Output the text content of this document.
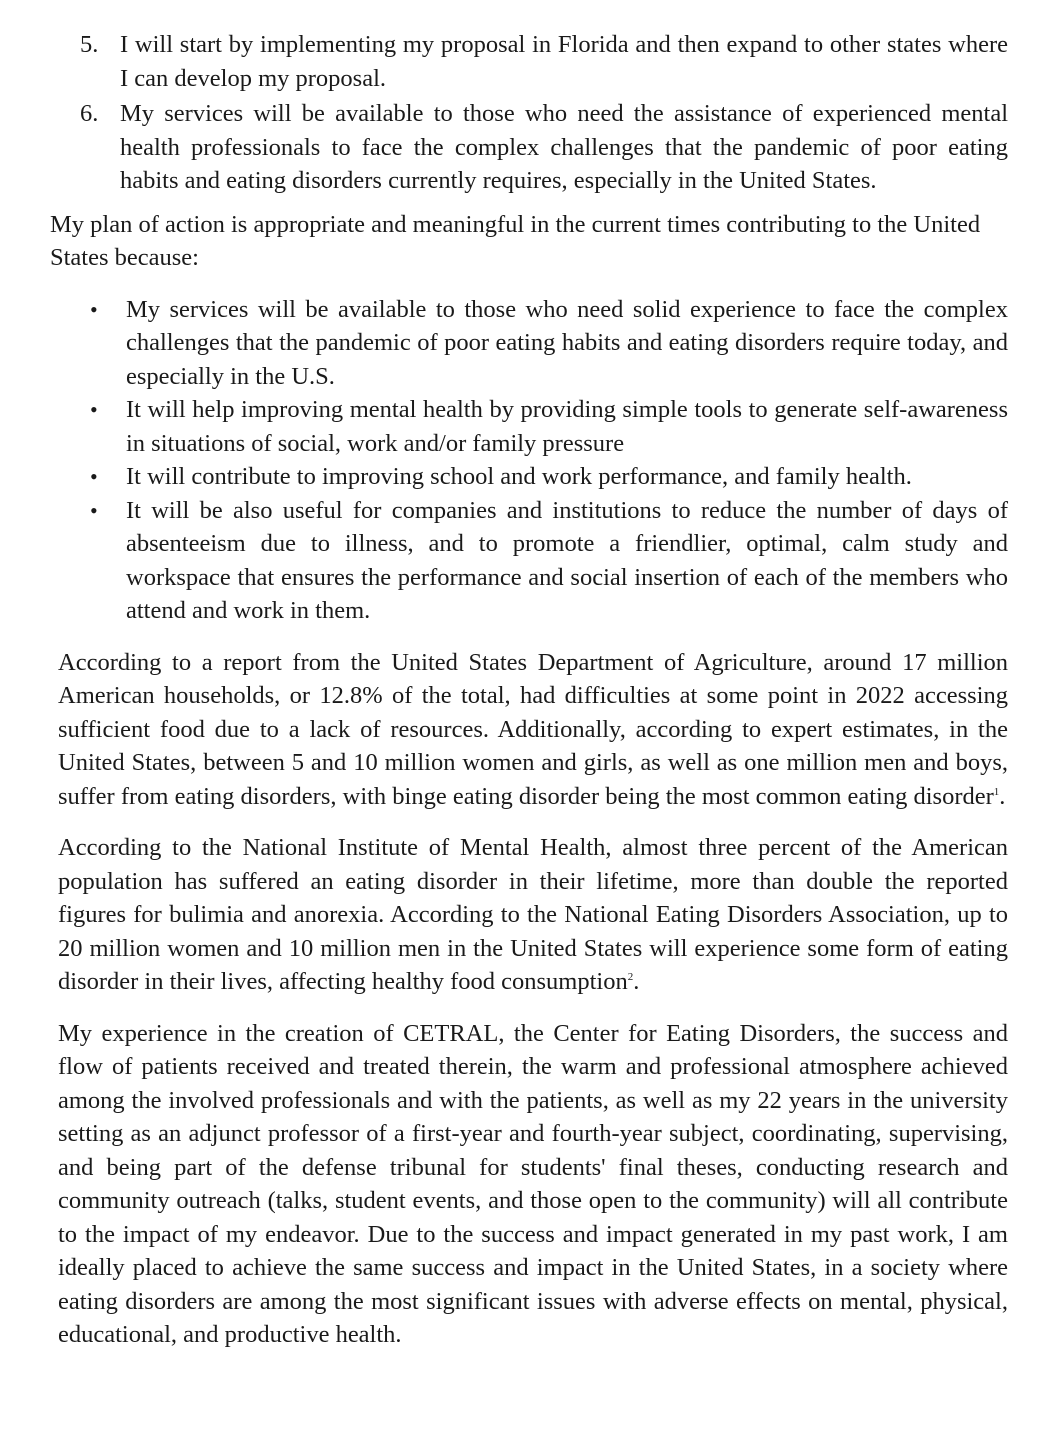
5. I will start by implementing my proposal in Florida and then expand to other states where I can develop my proposal.
6. My services will be available to those who need the assistance of experienced mental health professionals to face the complex challenges that the pandemic of poor eating habits and eating disorders currently requires, especially in the United States.

My plan of action is appropriate and meaningful in the current times contributing to the United States because:

• My services will be available to those who need solid experience to face the complex challenges that the pandemic of poor eating habits and eating disorders require today, and especially in the U.S.
• It will help improving mental health by providing simple tools to generate self-awareness in situations of social, work and/or family pressure
• It will contribute to improving school and work performance, and family health.
• It will be also useful for companies and institutions to reduce the number of days of absenteeism due to illness, and to promote a friendlier, optimal, calm study and workspace that ensures the performance and social insertion of each of the members who attend and work in them.

According to a report from the United States Department of Agriculture, around 17 million American households, or 12.8% of the total, had difficulties at some point in 2022 accessing sufficient food due to a lack of resources. Additionally, according to expert estimates, in the United States, between 5 and 10 million women and girls, as well as one million men and boys, suffer from eating disorders, with binge eating disorder being the most common eating disorder$^1$.

According to the National Institute of Mental Health, almost three percent of the American population has suffered an eating disorder in their lifetime, more than double the reported figures for bulimia and anorexia. According to the National Eating Disorders Association, up to 20 million women and 10 million men in the United States will experience some form of eating disorder in their lives, affecting healthy food consumption$^2$.

My experience in the creation of CETRAL, the Center for Eating Disorders, the success and flow of patients received and treated therein, the warm and professional atmosphere achieved among the involved professionals and with the patients, as well as my 22 years in the university setting as an adjunct professor of a first-year and fourth-year subject, coordinating, supervising, and being part of the defense tribunal for students' final theses, conducting research and community outreach (talks, student events, and those open to the community) will all contribute to the impact of my endeavor. Due to the success and impact generated in my past work, I am ideally placed to achieve the same success and impact in the United States, in a society where eating disorders are among the most significant issues with adverse effects on mental, physical, educational, and productive health.
